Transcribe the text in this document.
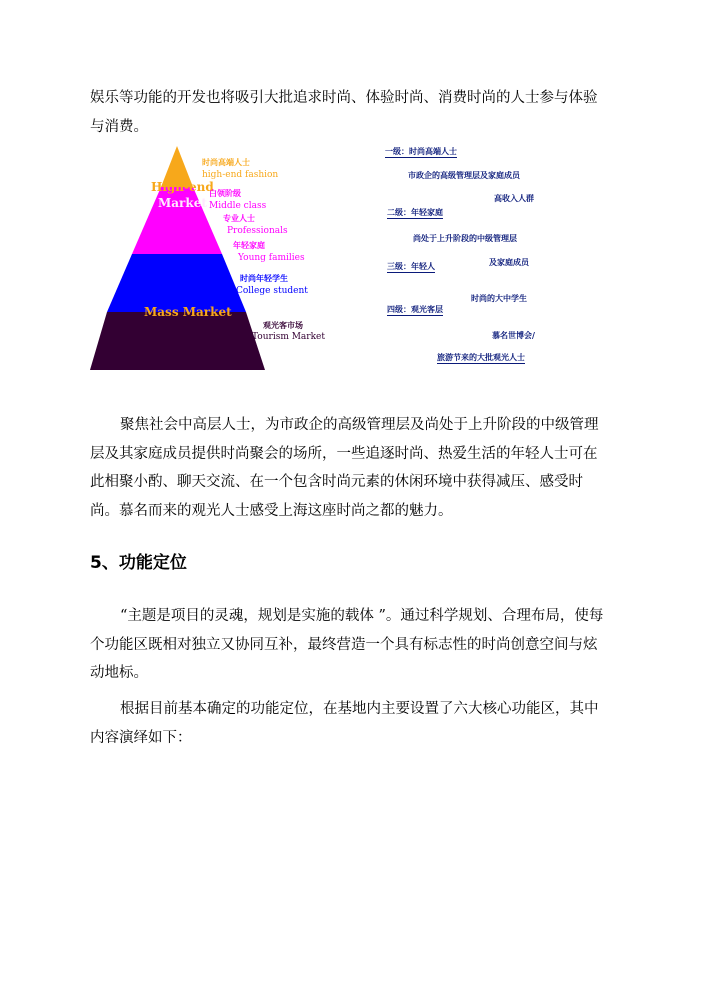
娱乐等功能的开发也将吸引大批追求时尚、体验时尚、消费时尚的人士参与体验与消费。

High-end
Market
Mass Market
时尚高端人士
high-end fashion
白领阶级
Middle class
专业人士
Professionals
年轻家庭
Young families
时尚年轻学生
College student
观光客市场
Tourism Market
一级：时尚高端人士
市政企的高级管理层及家庭成员
高收入人群
二级：年轻家庭
尚处于上升阶段的中级管理层
及家庭成员
三级：年轻人
时尚的大中学生
四级：观光客层
慕名世博会/
旅游节来的大批观光人士

聚焦社会中高层人士，为市政企的高级管理层及尚处于上升阶段的中级管理层及其家庭成员提供时尚聚会的场所，一些追逐时尚、热爱生活的年轻人士可在此相聚小酌、聊天交流、在一个包含时尚元素的休闲环境中获得减压、感受时尚。慕名而来的观光人士感受上海这座时尚之都的魅力。

5、功能定位

“主题是项目的灵魂，规划是实施的载体 ”。通过科学规划、合理布局，使每个功能区既相对独立又协同互补，最终营造一个具有标志性的时尚创意空间与炫动地标。

根据目前基本确定的功能定位，在基地内主要设置了六大核心功能区，其中内容演绎如下：
